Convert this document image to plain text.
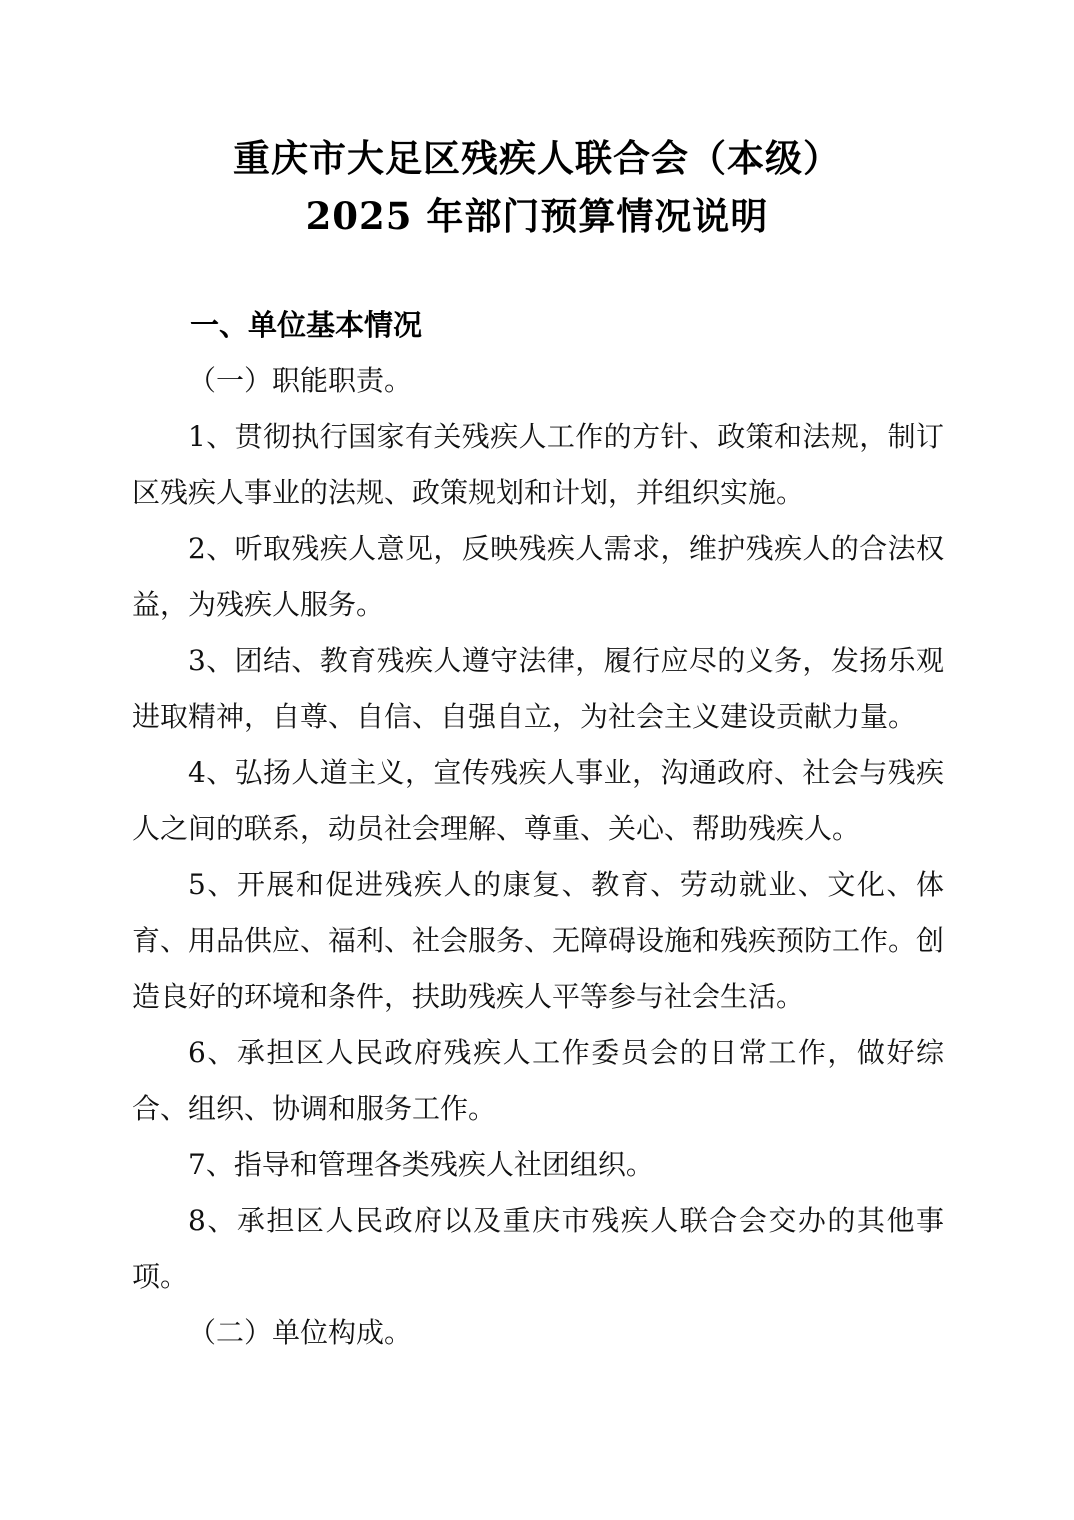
重庆市大足区残疾人联合会（本级）
2025 年部门预算情况说明
一、单位基本情况

（一）职能职责。

1、贯彻执行国家有关残疾人工作的方针、政策和法规，制订区残疾人事业的法规、政策规划和计划，并组织实施。

2、听取残疾人意见，反映残疾人需求，维护残疾人的合法权益，为残疾人服务。

3、团结、教育残疾人遵守法律，履行应尽的义务，发扬乐观进取精神，自尊、自信、自强自立，为社会主义建设贡献力量。

4、弘扬人道主义，宣传残疾人事业，沟通政府、社会与残疾人之间的联系，动员社会理解、尊重、关心、帮助残疾人。

5、开展和促进残疾人的康复、教育、劳动就业、文化、体育、用品供应、福利、社会服务、无障碍设施和残疾预防工作。创造良好的环境和条件，扶助残疾人平等参与社会生活。

6、承担区人民政府残疾人工作委员会的日常工作，做好综合、组织、协调和服务工作。

7、指导和管理各类残疾人社团组织。

8、承担区人民政府以及重庆市残疾人联合会交办的其他事项。

（二）单位构成。
